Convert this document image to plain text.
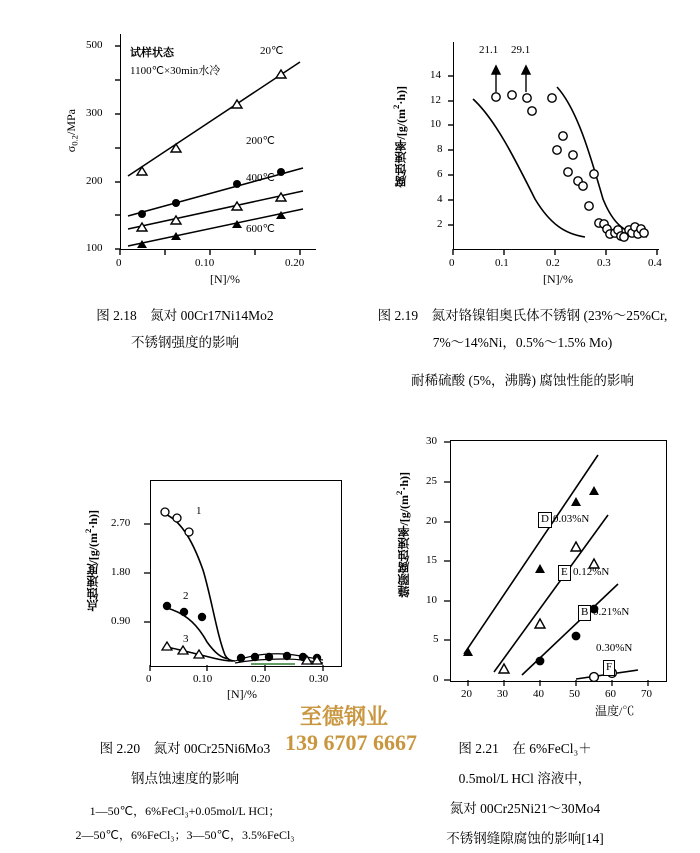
500
300
200
100
0	0.10	0.20
[N]/%
$\sigma_{0.2}$/MPa
试样状态
1100℃×30min水冷
20℃
200℃
400℃
600℃
图 2.18　氮对 00Cr17Ni14Mo2
不锈钢强度的影响
14
12
10
8
6
4
2
0	0.1	0.2	0.3	0.4
[N]/%
腐蚀速率$/[g/(m^2\cdot h)]$
21.1 29.1
图 2.19　氮对铬镍钼奥氏体不锈钢 (23%～25%Cr,
7%～14%Ni，0.5%～1.5% Mo)
耐稀硫酸 (5%，沸腾) 腐蚀性能的影响
2.70
1.80
0.90
0	0.10	0.20	0.30
[N]/%
点蚀速度$/[g/(m^2\cdot h)]$	1
2
3
图 2.20　氮对 00Cr25Ni6Mo3
钢点蚀速度的影响
1—50℃，6%FeCl₃+0.05mol/L HCl；
2—50℃，6%FeCl₃；3—50℃，3.5%FeCl₃
30
25
20
15
10
5
0
20 30 40 50 60 70
温度/℃
缝隙腐蚀速率$/[g/(m^2\cdot h)]$
D 0.03%N
E 0.12%N
B 0.21%N
0.30%N
F
图 2.21　在 6%FeCl₃＋
0.5mol/L HCl 溶液中，
氮对 00Cr25Ni21～30Mo4
不锈钢缝隙腐蚀的影响[14]
至德钢业
139 6707 6667
